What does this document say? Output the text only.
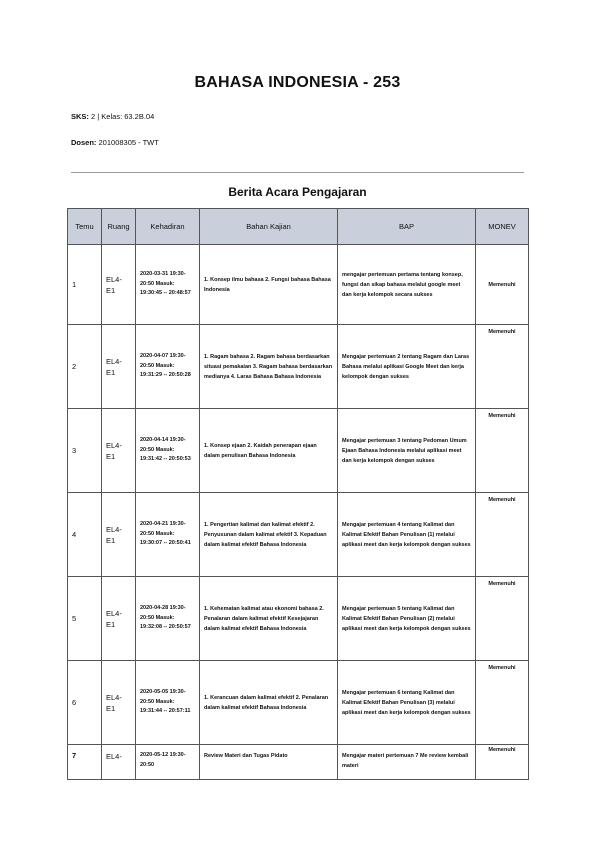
BAHASA INDONESIA - 253
SKS: 2 | Kelas: 63.2B.04
Dosen: 201008305 - TWT
Berita Acara Pengajaran
Temu	Ruang	Kehadiran	Bahan Kajian	BAP	MONEV
1	EL4-E1	2020-03-31 19:30-20:50 Masuk: 19:30:45 -- 20:48:57	1. Konsep ilmu bahasa 2. Fungsi bahasa Bahasa Indonesia	mengajar pertemuan pertama tentang konsep, fungsi dan sikap bahasa melalui google meet dan kerja kelompok secara sukses	Memenuhi
2	EL4-E1	2020-04-07 19:30-20:50 Masuk: 19:31:29 -- 20:50:28	1. Ragam bahasa 2. Ragam bahasa berdasarkan situasi pemakaian 3. Ragam bahasa berdasarkan medianya 4. Laras Bahasa Bahasa Indonesia	Mengajar pertemuan 2 tentang Ragam dan Laras Bahasa melalui aplikasi Google Meet dan kerja kelompok dengan sukses	Memenuhi
3	EL4-E1	2020-04-14 19:30-20:50 Masuk: 19:31:42 -- 20:50:53	1. Konsep ejaan 2. Kaidah penerapan ejaan dalam penulisan Bahasa Indonesia	Mengajar pertemuan 3 tentang Pedoman Umum Ejaan Bahasa Indonesia melalui aplikasi meet dan kerja kelompok dengan sukses	Memenuhi
4	EL4-E1	2020-04-21 19:30-20:50 Masuk: 19:30:07 -- 20:50:41	1. Pengertian kalimat dan kalimat efektif 2. Penyusunan dalam kalimat efektif 3. Kepaduan dalam kalimat efektif Bahasa Indonesia	Mengajar pertemuan 4 tentang Kalimat dan Kalimat Efektif Bahan Penulisan (1) melalui aplikasi meet dan kerja kelompok dengan sukses	Memenuhi
5	EL4-E1	2020-04-28 19:30-20:50 Masuk: 19:32:08 -- 20:50:57	1. Kehematan kalimat atau ekonomi bahasa 2. Penalaran dalam kalimat efektif Kesejajaran dalam kalimat efektif Bahasa Indonesia	Mengajar pertemuan 5 tentang Kalimat dan Kalimat Efektif Bahan Penulisan (2) melalui aplikasi meet dan kerja kelompok dengan sukses	Memenuhi
6	EL4-E1	2020-05-05 19:30-20:50 Masuk: 19:31:44 -- 20:57:11	1. Kerancuan dalam kalimat efektif 2. Penalaran dalam kalimat efektif Bahasa Indonesia	Mengajar pertemuan 6 tentang Kalimat dan Kalimat Efektif Bahan Penulisan (3) melalui aplikasi meet dan kerja kelompok dengan sukses	Memenuhi
7	EL4-	2020-05-12 19:30-20:50	Review Materi dan Tugas Pidato	Mengajar materi pertemuan 7 Me review kembali materi	Memenuhi
